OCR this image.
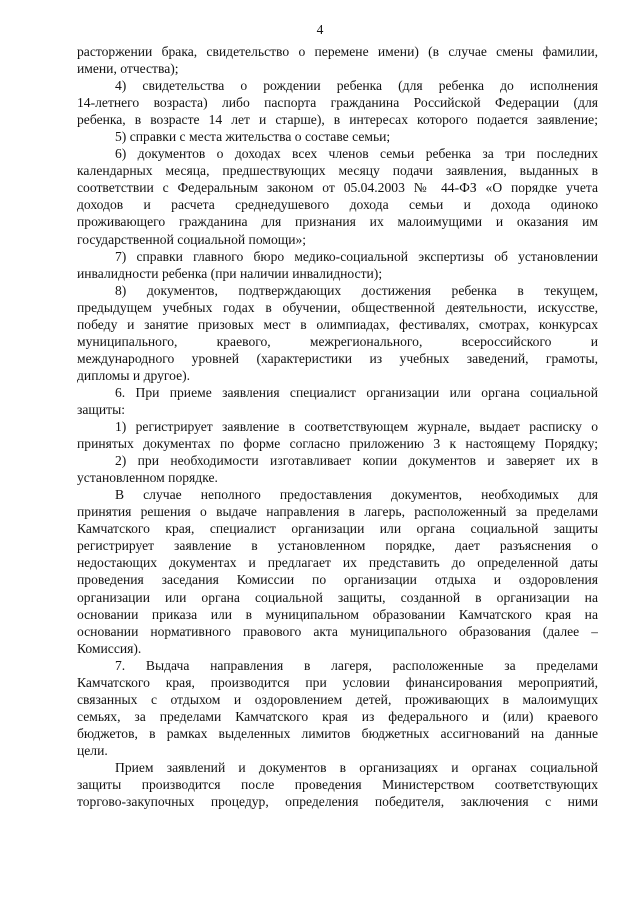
4
расторжении брака, свидетельство о перемене имени) (в случае смены фамилии,
имени, отчества);
4) свидетельства о рождении ребенка (для ребенка до исполнения
14-летнего возраста) либо паспорта гражданина Российской Федерации (для
ребенка, в возрасте 14 лет и старше), в интересах которого подается заявление;
5) справки с места жительства о составе семьи;
6) документов о доходах всех членов семьи ребенка за три последних
календарных месяца, предшествующих месяцу подачи заявления, выданных в
соответствии с Федеральным законом от 05.04.2003 № 44-ФЗ «О порядке учета
доходов и расчета среднедушевого дохода семьи и дохода одиноко
проживающего гражданина для признания их малоимущими и оказания им
государственной социальной помощи»;
7) справки главного бюро медико-социальной экспертизы об установлении
инвалидности ребенка (при наличии инвалидности);
8) документов, подтверждающих достижения ребенка в текущем,
предыдущем учебных годах в обучении, общественной деятельности, искусстве,
победу и занятие призовых мест в олимпиадах, фестивалях, смотрах, конкурсах
муниципального, краевого, межрегионального, всероссийского и
международного уровней (характеристики из учебных заведений, грамоты,
дипломы и другое).
6. При приеме заявления специалист организации или органа социальной
защиты:
1) регистрирует заявление в соответствующем журнале, выдает расписку о
принятых документах по форме согласно приложению 3 к настоящему Порядку;
2) при необходимости изготавливает копии документов и заверяет их в
установленном порядке.
В случае неполного предоставления документов, необходимых для
принятия решения о выдаче направления в лагерь, расположенный за пределами
Камчатского края, специалист организации или органа социальной защиты
регистрирует заявление в установленном порядке, дает разъяснения о
недостающих документах и предлагает их представить до определенной даты
проведения заседания Комиссии по организации отдыха и оздоровления
организации или органа социальной защиты, созданной в организации на
основании приказа или в муниципальном образовании Камчатского края на
основании нормативного правового акта муниципального образования (далее –
Комиссия).
7. Выдача направления в лагеря, расположенные за пределами
Камчатского края, производится при условии финансирования мероприятий,
связанных с отдыхом и оздоровлением детей, проживающих в малоимущих
семьях, за пределами Камчатского края из федерального и (или) краевого
бюджетов, в рамках выделенных лимитов бюджетных ассигнований на данные
цели.
Прием заявлений и документов в организациях и органах социальной
защиты производится после проведения Министерством соответствующих
торгово-закупочных процедур, определения победителя, заключения с ними
